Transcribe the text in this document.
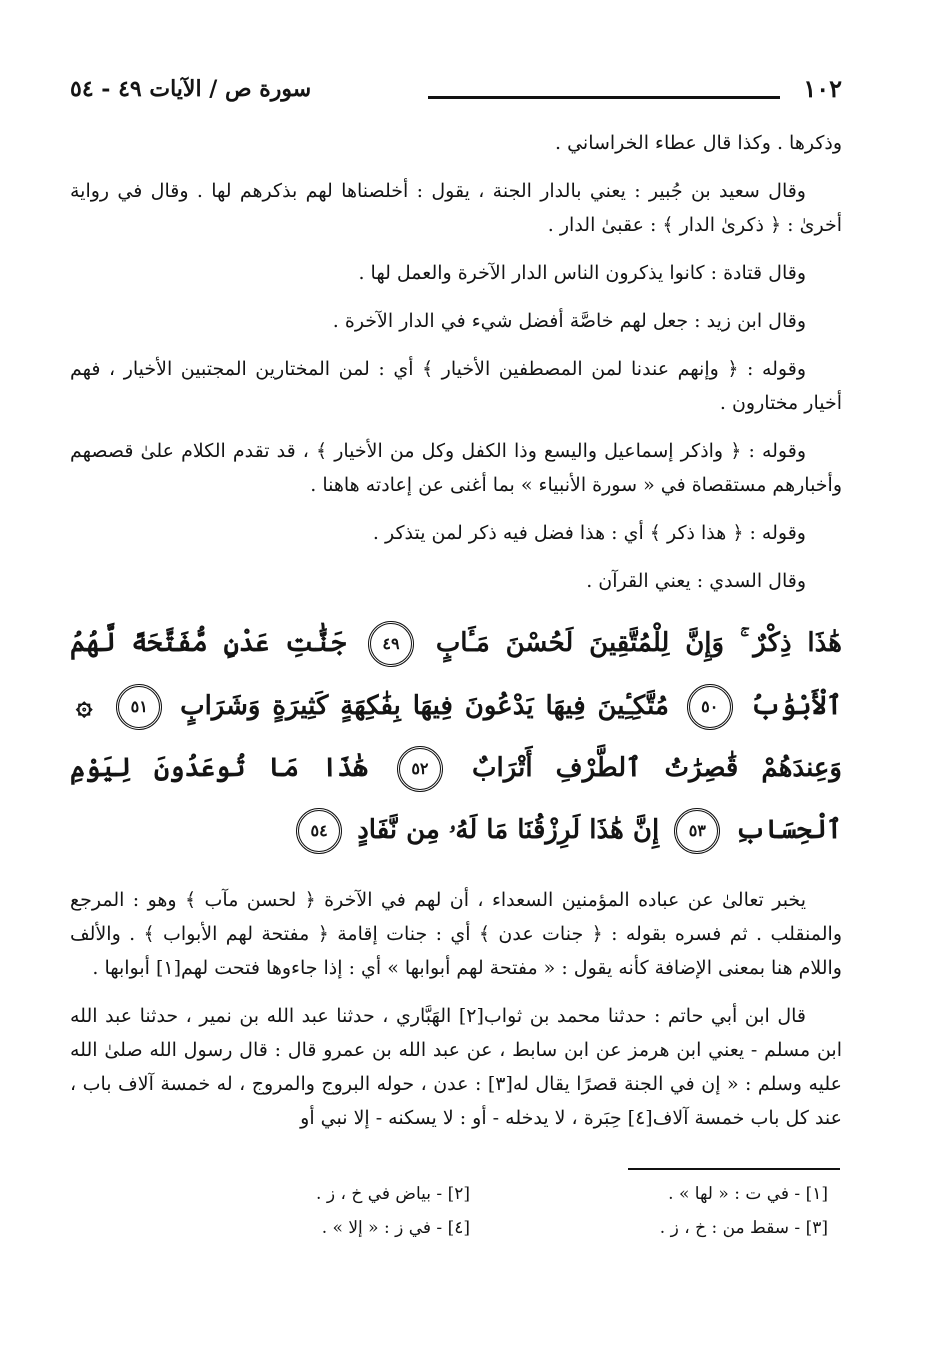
١٠٢
سورة ص / الآيات ٤٩ - ٥٤

وذكرها . وكذا قال عطاء الخراساني .

وقال سعيد بن جُبير : يعني بالدار الجنة ، يقول : أخلصناها لهم بذكرهم لها . وقال في رواية أخرىٰ : ﴿ ذكرىٰ الدار ﴾ : عقبىٰ الدار .

وقال قتادة : كانوا يذكرون الناس الدار الآخرة والعمل لها .

وقال ابن زيد : جعل لهم خاصَّة أفضل شيء في الدار الآخرة .

وقوله : ﴿ وإنهم عندنا لمن المصطفين الأخيار ﴾ أي : لمن المختارين المجتبين الأخيار ، فهم أخيار مختارون .

وقوله : ﴿ واذكر إسماعيل واليسع وذا الكفل وكل من الأخيار ﴾ ، قد تقدم الكلام علىٰ قصصهم وأخبارهم مستقصاة في « سورة الأنبياء » بما أغنى عن إعادته هاهنا .

وقوله : ﴿ هذا ذكر ﴾ أي : هذا فضل فيه ذكر لمن يتذكر .

وقال السدي : يعني القرآن .

هَٰذَا ذِكْرٌ ۚ وَإِنَّ لِلْمُتَّقِينَ لَحُسْنَ مَـَٔابٍ ٤٩ جَنَّٰتِ عَدْنٍ مُّفَتَّحَةً لَّهُمُ ٱلْأَبْوَٰبُ ٥٠ مُتَّكِـِٔينَ فِيهَا يَدْعُونَ فِيهَا بِفَٰكِهَةٍ كَثِيرَةٍ وَشَرَابٍ ٥١ ۞ وَعِندَهُمْ قَٰصِرَٰتُ ٱلطَّرْفِ أَتْرَابٌ ٥٢ هَٰذَا مَا تُوعَدُونَ لِيَوْمِ ٱلْحِسَابِ ٥٣ إِنَّ هَٰذَا لَرِزْقُنَا مَا لَهُۥ مِن نَّفَادٍ ٥٤

يخبر تعالىٰ عن عباده المؤمنين السعداء ، أن لهم في الآخرة ﴿ لحسن مآب ﴾ وهو : المرجع والمنقلب . ثم فسره بقوله : ﴿ جنات عدن ﴾ أي : جنات إقامة ﴿ مفتحة لهم الأبواب ﴾ . والألف واللام هنا بمعنى الإضافة كأنه يقول : « مفتحة لهم أبوابها » أي : إذا جاءوها فتحت لهم[١] أبوابها .

قال ابن أبي حاتم : حدثنا محمد بن ثواب[٢] الهَبَّاري ، حدثنا عبد الله بن نمير ، حدثنا عبد الله ابن مسلم - يعني ابن هرمز عن ابن سابط ، عن عبد الله بن عمرو قال : قال رسول الله صلىٰ الله عليه وسلم : « إن في الجنة قصرًا يقال له[٣] : عدن ، حوله البروج والمروج ، له خمسة آلاف باب ، عند كل باب خمسة آلاف[٤] حِبَرة ، لا يدخله - أو : لا يسكنه - إلا نبي أو

[١] - في ت : « لها » .
[٢] - بياض في خ ، ز .
[٣] - سقط من : خ ، ز .
[٤] - في ز : « إلا » .
